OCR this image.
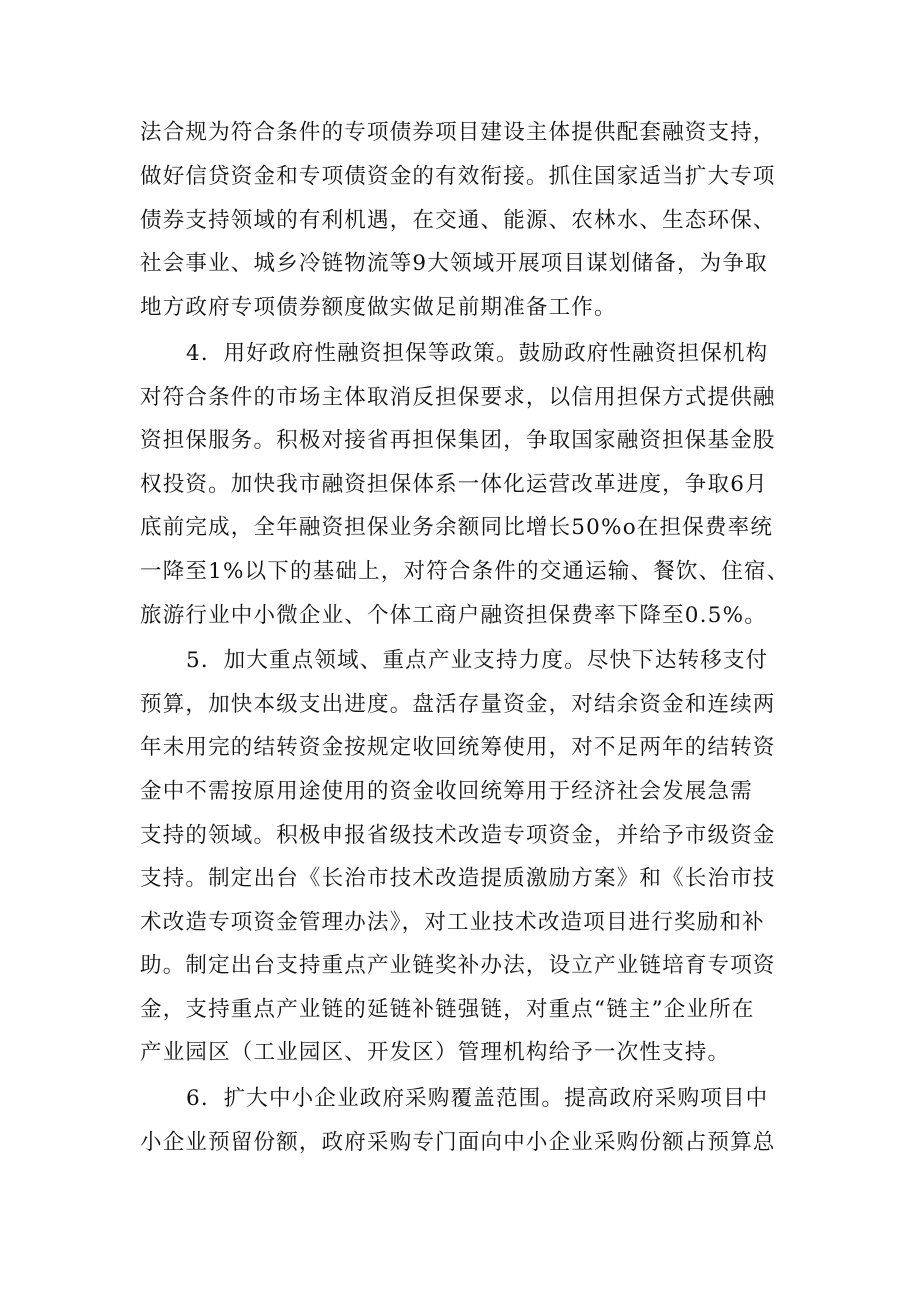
法合规为符合条件的专项债券项目建设主体提供配套融资支持，
做好信贷资金和专项债资金的有效衔接。抓住国家适当扩大专项
债券支持领域的有利机遇，在交通、能源、农林水、生态环保、
社会事业、城乡冷链物流等9大领域开展项目谋划储备，为争取
地方政府专项债券额度做实做足前期准备工作。
4．用好政府性融资担保等政策。鼓励政府性融资担保机构
对符合条件的市场主体取消反担保要求，以信用担保方式提供融
资担保服务。积极对接省再担保集团，争取国家融资担保基金股
权投资。加快我市融资担保体系一体化运营改革进度，争取6月
底前完成，全年融资担保业务余额同比增长50%o在担保费率统
一降至1%以下的基础上，对符合条件的交通运输、餐饮、住宿、
旅游行业中小微企业、个体工商户融资担保费率下降至0.5%。
5．加大重点领域、重点产业支持力度。尽快下达转移支付
预算，加快本级支出进度。盘活存量资金，对结余资金和连续两
年未用完的结转资金按规定收回统筹使用，对不足两年的结转资
金中不需按原用途使用的资金收回统筹用于经济社会发展急需
支持的领域。积极申报省级技术改造专项资金，并给予市级资金
支持。制定出台《长治市技术改造提质激励方案》和《长治市技
术改造专项资金管理办法》，对工业技术改造项目进行奖励和补
助。制定出台支持重点产业链奖补办法，设立产业链培育专项资
金，支持重点产业链的延链补链强链，对重点“链主”企业所在
产业园区（工业园区、开发区）管理机构给予一次性支持。
6．扩大中小企业政府采购覆盖范围。提高政府采购项目中
小企业预留份额，政府采购专门面向中小企业采购份额占预算总
